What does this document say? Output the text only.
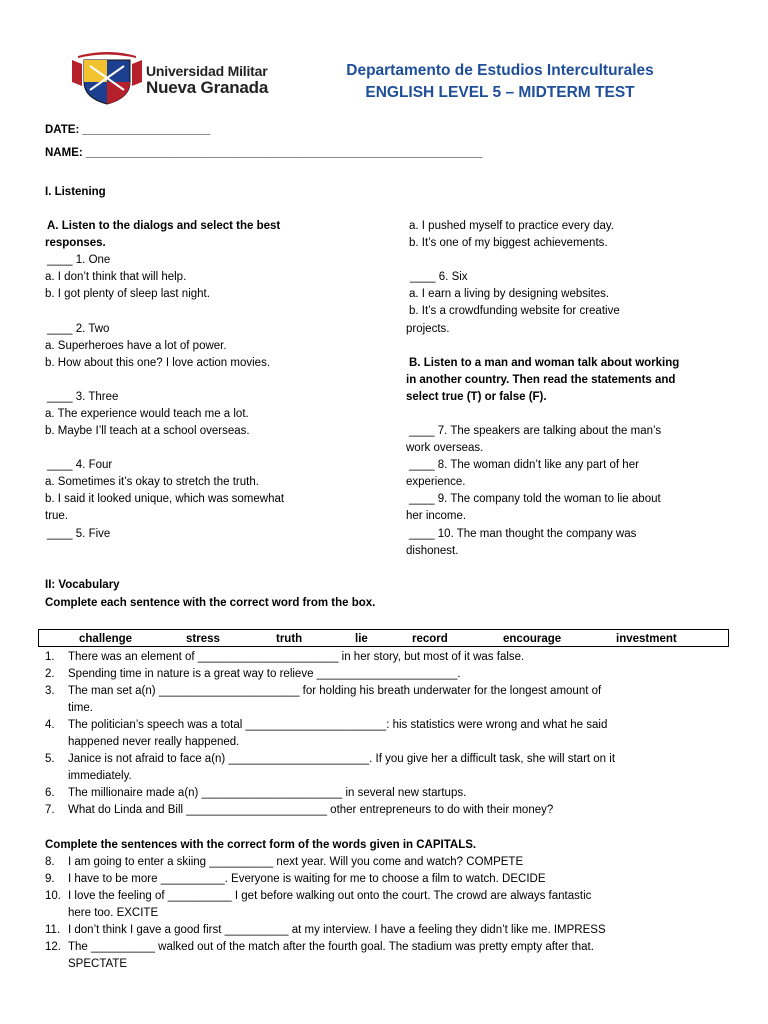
Universidad Militar
Nueva Granada
Departamento de Estudios Interculturales
ENGLISH LEVEL 5 – MIDTERM TEST
DATE: ____________________
NAME: ______________________________________________________________
I. Listening
A. Listen to the dialogs and select the best
responses.
____ 1. One
a. I don’t think that will help.
b. I got plenty of sleep last night.
____ 2. Two
a. Superheroes have a lot of power.
b. How about this one? I love action movies.
____ 3. Three
a. The experience would teach me a lot.
b. Maybe I’ll teach at a school overseas.
____ 4. Four
a. Sometimes it’s okay to stretch the truth.
b. I said it looked unique, which was somewhat
true.
____ 5. Five
a. I pushed myself to practice every day.
b. It’s one of my biggest achievements.
____ 6. Six
a. I earn a living by designing websites.
b. It’s a crowdfunding website for creative
projects.
B. Listen to a man and woman talk about working
in another country. Then read the statements and
select true (T) or false (F).
____ 7. The speakers are talking about the man’s
work overseas.
____ 8. The woman didn’t like any part of her
experience.
____ 9. The company told the woman to lie about
her income.
____ 10. The man thought the company was
dishonest.
II: Vocabulary
Complete each sentence with the correct word from the box.
challenge	stress	truth	lie	record	encourage	investment
1. There was an element of ______________________ in her story, but most of it was false.
2. Spending time in nature is a great way to relieve ______________________.
3. The man set a(n) ______________________ for holding his breath underwater for the longest amount of
time.
4. The politician’s speech was a total ______________________: his statistics were wrong and what he said
happened never really happened.
5. Janice is not afraid to face a(n) ______________________. If you give her a difficult task, she will start on it
immediately.
6. The millionaire made a(n) ______________________ in several new startups.
7. What do Linda and Bill ______________________ other entrepreneurs to do with their money?
Complete the sentences with the correct form of the words given in CAPITALS.
8. I am going to enter a skiing __________ next year. Will you come and watch? COMPETE
9. I have to be more __________. Everyone is waiting for me to choose a film to watch. DECIDE
10. I love the feeling of __________ I get before walking out onto the court. The crowd are always fantastic
here too. EXCITE
11. I don’t think I gave a good first __________ at my interview. I have a feeling they didn’t like me. IMPRESS
12. The __________ walked out of the match after the fourth goal. The stadium was pretty empty after that.
SPECTATE
